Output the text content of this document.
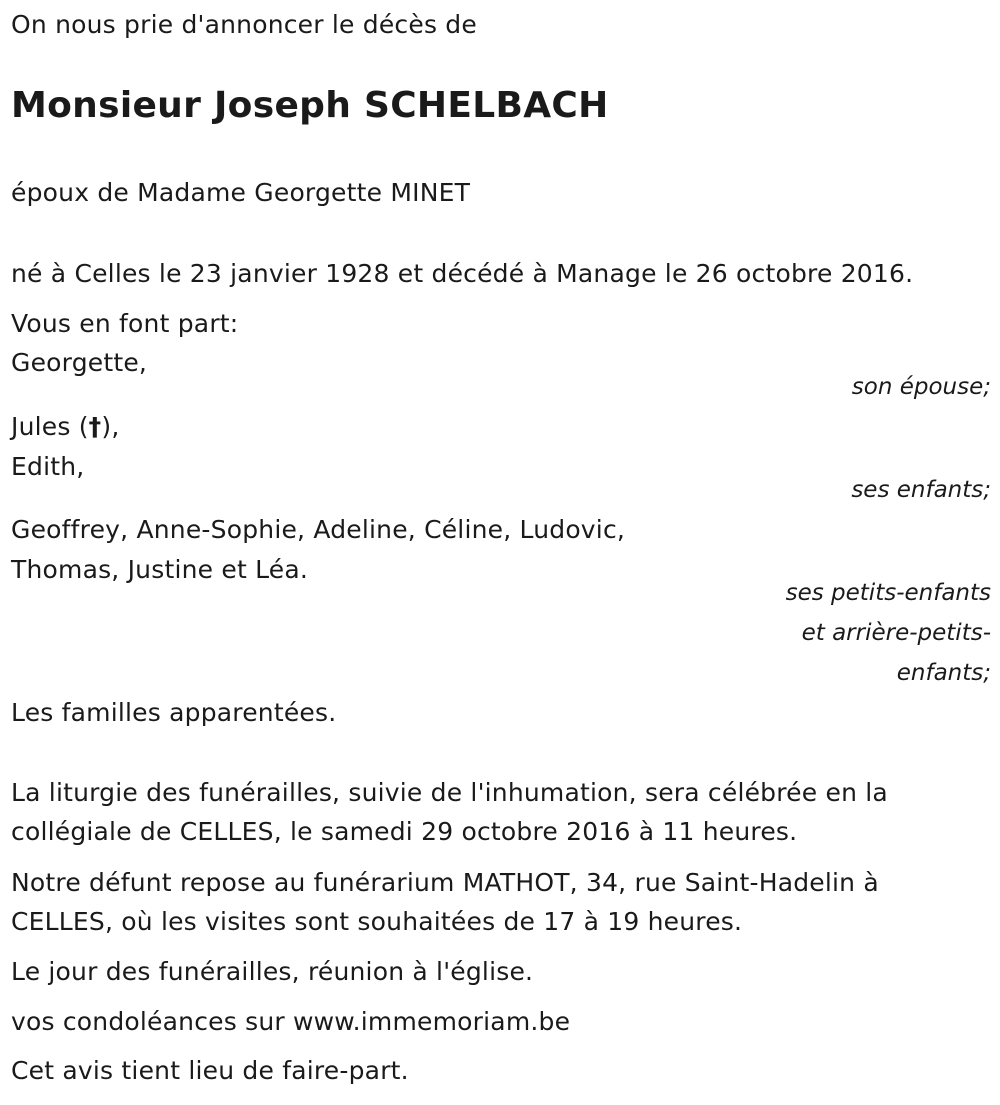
On nous prie d'annoncer le décès de
Monsieur Joseph SCHELBACH
époux de Madame Georgette MINET
né à Celles le 23 janvier 1928 et décédé à Manage le 26 octobre 2016.
Vous en font part:
Georgette,
son épouse;
Jules (†),
Edith,
ses enfants;
Geoffrey, Anne-Sophie, Adeline, Céline, Ludovic,
Thomas, Justine et Léa.
ses petits-enfants
et arrière-petits-
enfants;
Les familles apparentées.
La liturgie des funérailles, suivie de l'inhumation, sera célébrée en la
collégiale de CELLES, le samedi 29 octobre 2016 à 11 heures.
Notre défunt repose au funérarium MATHOT, 34, rue Saint-Hadelin à
CELLES, où les visites sont souhaitées de 17 à 19 heures.
Le jour des funérailles, réunion à l'église.
vos condoléances sur www.immemoriam.be
Cet avis tient lieu de faire-part.
